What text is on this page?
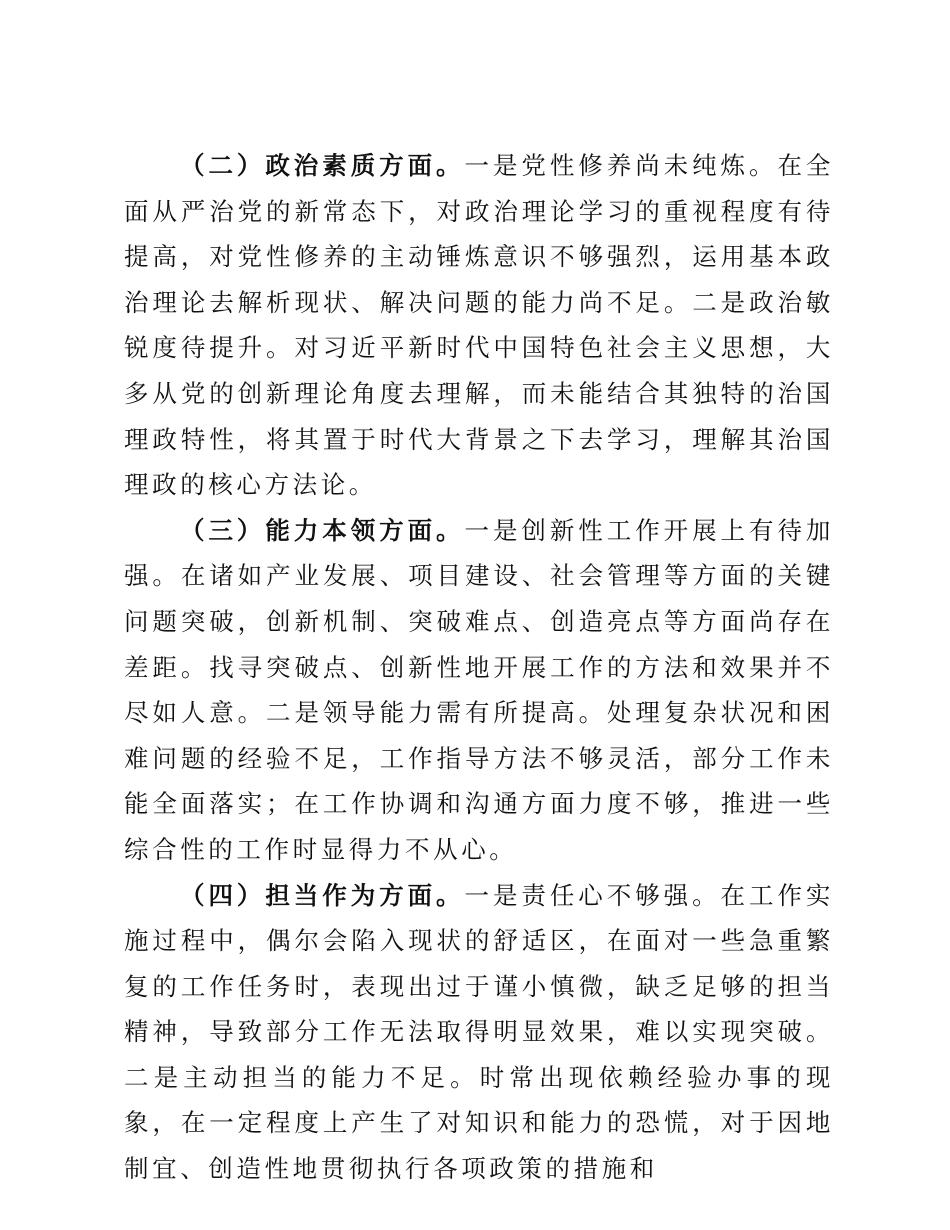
（二）政治素质方面。一是党性修养尚未纯炼。在全面从严治党的新常态下，对政治理论学习的重视程度有待提高，对党性修养的主动锤炼意识不够强烈，运用基本政治理论去解析现状、解决问题的能力尚不足。二是政治敏锐度待提升。对习近平新时代中国特色社会主义思想，大多从党的创新理论角度去理解，而未能结合其独特的治国理政特性，将其置于时代大背景之下去学习，理解其治国理政的核心方法论。

（三）能力本领方面。一是创新性工作开展上有待加强。在诸如产业发展、项目建设、社会管理等方面的关键问题突破，创新机制、突破难点、创造亮点等方面尚存在差距。找寻突破点、创新性地开展工作的方法和效果并不尽如人意。二是领导能力需有所提高。处理复杂状况和困难问题的经验不足，工作指导方法不够灵活，部分工作未能全面落实；在工作协调和沟通方面力度不够，推进一些综合性的工作时显得力不从心。

（四）担当作为方面。一是责任心不够强。在工作实施过程中，偶尔会陷入现状的舒适区，在面对一些急重繁复的工作任务时，表现出过于谨小慎微，缺乏足够的担当精神，导致部分工作无法取得明显效果，难以实现突破。二是主动担当的能力不足。时常出现依赖经验办事的现象，在一定程度上产生了对知识和能力的恐慌，对于因地制宜、创造性地贯彻执行各项政策的措施和
